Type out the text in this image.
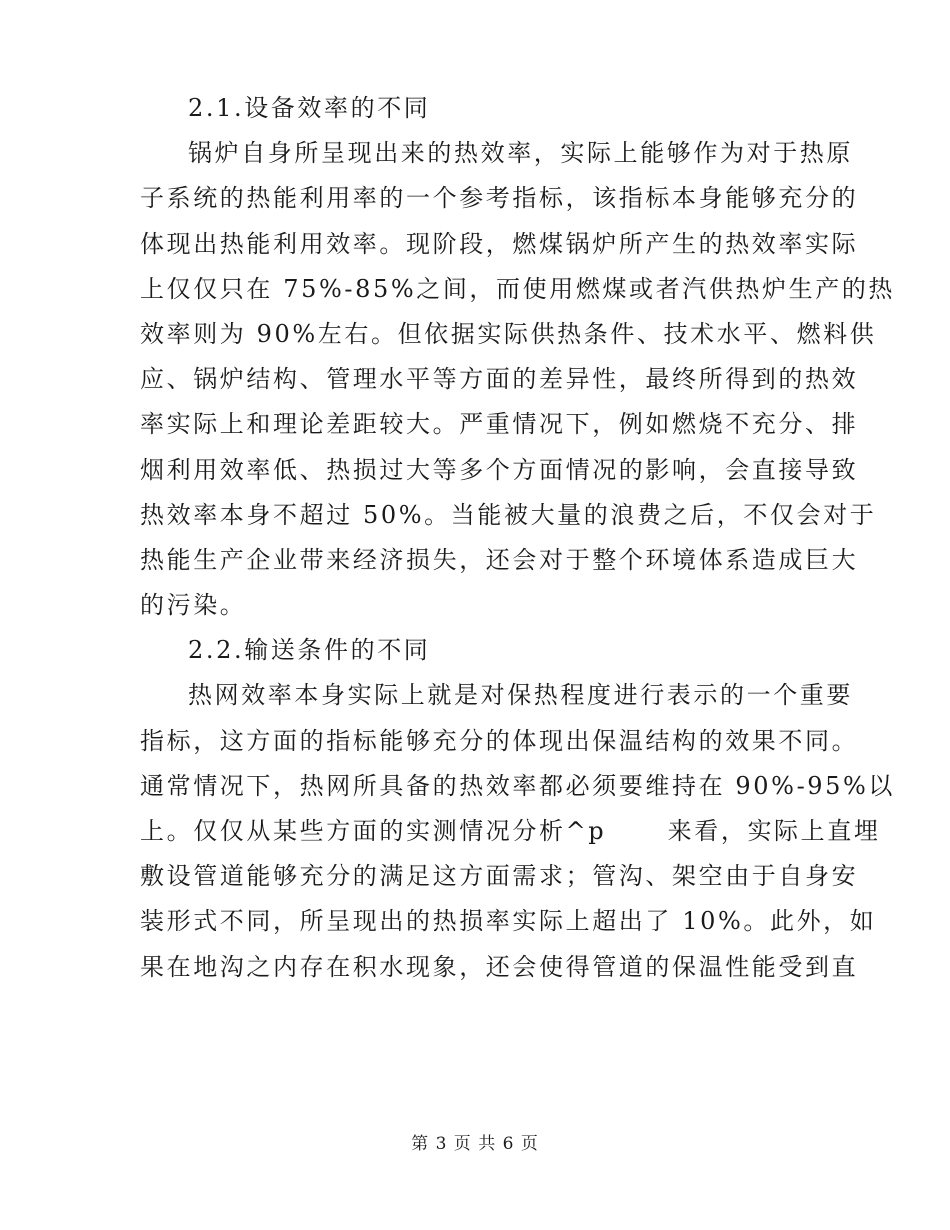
2.1.设备效率的不同
锅炉自身所呈现出来的热效率，实际上能够作为对于热原
子系统的热能利用率的一个参考指标，该指标本身能够充分的
体现出热能利用效率。现阶段，燃煤锅炉所产生的热效率实际
上仅仅只在 75%-85%之间，而使用燃煤或者汽供热炉生产的热
效率则为 90%左右。但依据实际供热条件、技术水平、燃料供
应、锅炉结构、管理水平等方面的差异性，最终所得到的热效
率实际上和理论差距较大。严重情况下，例如燃烧不充分、排
烟利用效率低、热损过大等多个方面情况的影响，会直接导致
热效率本身不超过 50%。当能被大量的浪费之后，不仅会对于
热能生产企业带来经济损失，还会对于整个环境体系造成巨大
的污染。
2.2.输送条件的不同
热网效率本身实际上就是对保热程度进行表示的一个重要
指标，这方面的指标能够充分的体现出保温结构的效果不同。
通常情况下，热网所具备的热效率都必须要维持在 90%-95%以
上。仅仅从某些方面的实测情况分析^p      来看，实际上直埋
敷设管道能够充分的满足这方面需求；管沟、架空由于自身安
装形式不同，所呈现出的热损率实际上超出了 10%。此外，如
果在地沟之内存在积水现象，还会使得管道的保温性能受到直
第 3 页 共 6 页
